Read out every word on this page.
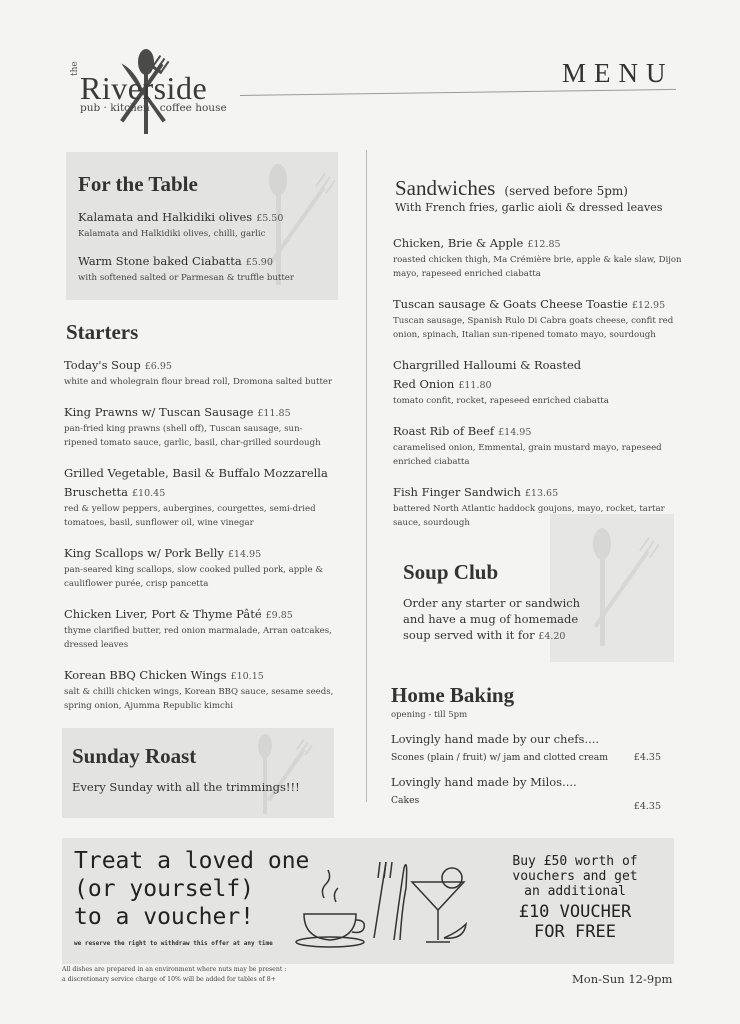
the
Riverside
pub · kitchen · coffee house
MENU
For the Table
Kalamata and Halkidiki olives £5.50
Kalamata and Halkidiki olives, chilli, garlic
Warm Stone baked Ciabatta £5.90
with softened salted or Parmesan & truffle butter
Starters
Today's Soup £6.95
white and wholegrain flour bread roll, Dromona salted butter
King Prawns w/ Tuscan Sausage £11.85
pan-fried king prawns (shell off), Tuscan sausage, sun-ripened tomato sauce, garlic, basil, char-grilled sourdough
Grilled Vegetable, Basil & Buffalo Mozzarella Bruschetta £10.45
red & yellow peppers, aubergines, courgettes, semi-dried tomatoes, basil, sunflower oil, wine vinegar
King Scallops w/ Pork Belly £14.95
pan-seared king scallops, slow cooked pulled pork, apple & cauliflower purée, crisp pancetta
Chicken Liver, Port & Thyme Pâté £9.85
thyme clarified butter, red onion marmalade, Arran oatcakes, dressed leaves
Korean BBQ Chicken Wings £10.15
salt & chilli chicken wings, Korean BBQ sauce, sesame seeds, spring onion, Ajumma Republic kimchi
Sunday Roast
Every Sunday with all the trimmings!!!
Sandwiches (served before 5pm)
With French fries, garlic aioli & dressed leaves
Chicken, Brie & Apple £12.85
roasted chicken thigh, Ma Crémière brie, apple & kale slaw, Dijon mayo, rapeseed enriched ciabatta
Tuscan sausage & Goats Cheese Toastie £12.95
Tuscan sausage, Spanish Rulo Di Cabra goats cheese, confit red onion, spinach, Italian sun-ripened tomato mayo, sourdough
Chargrilled Halloumi & Roasted Red Onion £11.80
tomato confit, rocket, rapeseed enriched ciabatta
Roast Rib of Beef £14.95
caramelised onion, Emmental, grain mustard mayo, rapeseed enriched ciabatta
Fish Finger Sandwich £13.65
battered North Atlantic haddock goujons, mayo, rocket, tartar sauce, sourdough
Soup Club
Order any starter or sandwich and have a mug of homemade soup served with it for £4.20
Home Baking
opening - till 5pm
Lovingly hand made by our chefs....
Scones (plain / fruit) w/ jam and clotted cream	£4.35
Lovingly hand made by Milos....
Cakes
£4.35
Treat a loved one
(or yourself)
to a voucher!
we reserve the right to withdraw this offer at any time
Buy £50 worth of
vouchers and get
an additional
£10 VOUCHER
FOR FREE
All dishes are prepared in an environment where nuts may be present :
a discretionary service charge of 10% will be added for tables of 8+	Mon-Sun 12-9pm
